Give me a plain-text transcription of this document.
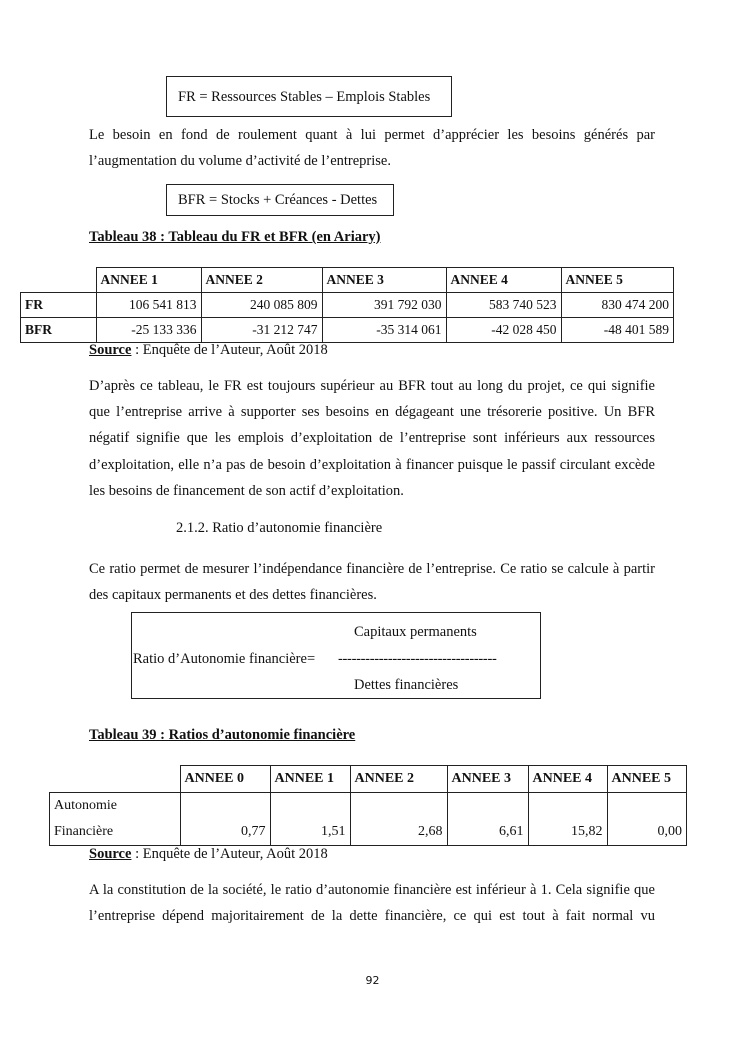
FR = Ressources Stables – Emplois Stables
Le besoin en fond de roulement quant à lui permet d’apprécier les besoins générés par l’augmentation du volume d’activité de l’entreprise.
BFR = Stocks + Créances - Dettes
Tableau 38 : Tableau du FR et BFR (en Ariary)
	ANNEE 1	ANNEE 2	ANNEE 3	ANNEE 4	ANNEE 5
FR	106 541 813	240 085 809	391 792 030	583 740 523	830 474 200
BFR	-25 133 336	-31 212 747	-35 314 061	-42 028 450	-48 401 589
Source : Enquête de l’Auteur, Août 2018
D’après ce tableau, le FR est toujours supérieur au BFR tout au long du projet, ce qui signifie que l’entreprise arrive à supporter ses besoins en dégageant une trésorerie positive. Un BFR négatif signifie que les emplois d’exploitation de l’entreprise sont inférieurs aux ressources d’exploitation, elle n’a pas de besoin d’exploitation à financer puisque le passif circulant excède les besoins de financement de son actif d’exploitation.
2.1.2. Ratio d’autonomie financière
Ce ratio permet de mesurer l’indépendance financière de l’entreprise. Ce ratio se calcule à partir des capitaux permanents et des dettes financières.
Capitaux permanents
Ratio d’Autonomie financière= -----------------------------------
Dettes financières
Tableau 39 : Ratios d’autonomie financière
	ANNEE 0	ANNEE 1	ANNEE 2	ANNEE 3	ANNEE 4	ANNEE 5

Autonomie
Financière	0,77	1,51	2,68	6,61	15,82	0,00
Source : Enquête de l’Auteur, Août 2018
A la constitution de la société, le ratio d’autonomie financière est inférieur à 1. Cela signifie que l’entreprise dépend majoritairement de la dette financière, ce qui est tout à fait normal vu
92
